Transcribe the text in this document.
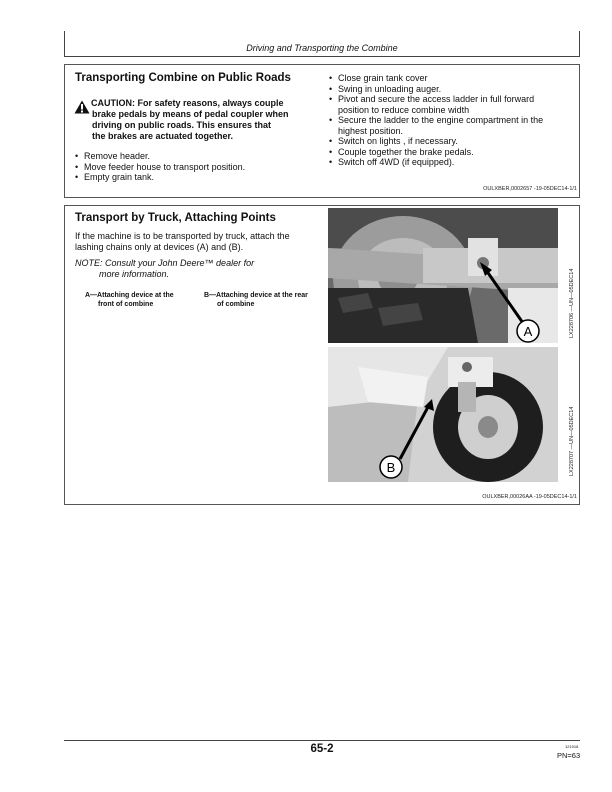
Driving and Transporting the Combine
Transporting Combine on Public Roads
CAUTION: For safety reasons, always couple
brake pedals by means of pedal coupler when
driving on public roads. This ensures that
the brakes are actuated together.
• Remove header.
• Move feeder house to transport position.
• Empty grain tank.
• Close grain tank cover
• Swing in unloading auger.
• Pivot and secure the access ladder in full forward
position to reduce combine width
• Secure the ladder to the engine compartment in the
highest position.
• Switch on lights , if necessary.
• Couple together the brake pedals.
• Switch off 4WD (if equipped).
OULXBER,0002657 -19-05DEC14-1/1
Transport by Truck, Attaching Points
If the machine is to be transported by truck, attach the
lashing chains only at devices (A) and (B).
NOTE: Consult your John Deere™ dealer for
more information.
A—Attaching device at the
front of combine
B—Attaching device at the rear
of combine
A
B
LX228706 —UN—05DEC14
LX228707 —UN—05DEC14
OULXBER,00026AA -19-05DEC14-1/1
65-2	121918
PN=63
